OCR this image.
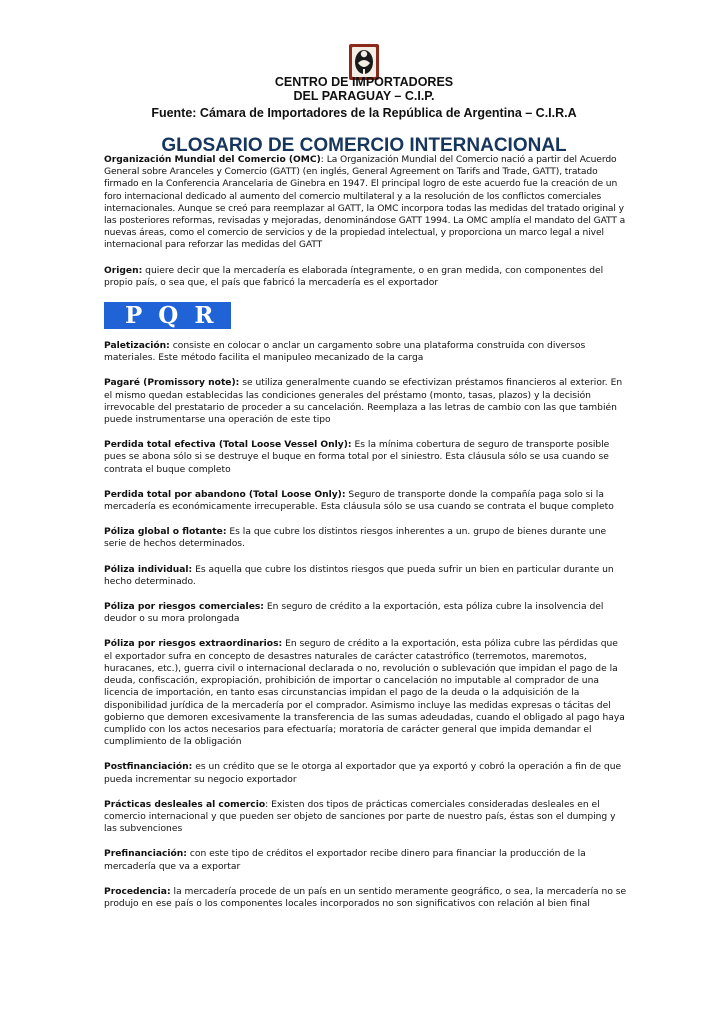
CENTRO DE IMPORTADORES
DEL PARAGUAY – C.I.P.
Fuente: Cámara de Importadores de la República de Argentina – C.I.R.A
GLOSARIO DE COMERCIO INTERNACIONAL

Organización Mundial del Comercio (OMC): La Organización Mundial del Comercio nació a partir del Acuerdo General sobre Aranceles y Comercio (GATT) (en inglés, General Agreement on Tarifs and Trade, GATT), tratado firmado en la Conferencia Arancelaria de Ginebra en 1947. El principal logro de este acuerdo fue la creación de un foro internacional dedicado al aumento del comercio multilateral y a la resolución de los conflictos comerciales internacionales. Aunque se creó para reemplazar al GATT, la OMC incorpora todas las medidas del tratado original y las posteriores reformas, revisadas y mejoradas, denominándose GATT 1994. La OMC amplía el mandato del GATT a nuevas áreas, como el comercio de servicios y de la propiedad intelectual, y proporciona un marco legal a nivel internacional para reforzar las medidas del GATT

Origen: quiere decir que la mercadería es elaborada íntegramente, o en gran medida, con componentes del propio país, o sea que, el país que fabricó la mercadería es el exportador

P Q R

Paletización: consiste en colocar o anclar un cargamento sobre una plataforma construida con diversos materiales. Este método facilita el manipuleo mecanizado de la carga

Pagaré (Promissory note): se utiliza generalmente cuando se efectivizan préstamos financieros al exterior. En el mismo quedan establecidas las condiciones generales del préstamo (monto, tasas, plazos) y la decisión irrevocable del prestatario de proceder a su cancelación. Reemplaza a las letras de cambio con las que también puede instrumentarse una operación de este tipo

Perdida total efectiva (Total Loose Vessel Only): Es la mínima cobertura de seguro de transporte posible pues se abona sólo si se destruye el buque en forma total por el siniestro. Esta cláusula sólo se usa cuando se contrata el buque completo

Perdida total por abandono (Total Loose Only): Seguro de transporte donde la compañía paga solo si la mercadería es económicamente irrecuperable. Esta cláusula sólo se usa cuando se contrata el buque completo

Póliza global o flotante: Es la que cubre los distintos riesgos inherentes a un. grupo de bienes durante une serie de hechos determinados.

Póliza individual: Es aquella que cubre los distintos riesgos que pueda sufrir un bien en particular durante un hecho determinado.

Póliza por riesgos comerciales: En seguro de crédito a la exportación, esta póliza cubre la insolvencia del deudor o su mora prolongada

Póliza por riesgos extraordinarios: En seguro de crédito a la exportación, esta póliza cubre las pérdidas que el exportador sufra en concepto de desastres naturales de carácter catastrófico (terremotos, maremotos, huracanes, etc.), guerra civil o internacional declarada o no, revolución o sublevación que impidan el pago de la deuda, confiscación, expropiación, prohibición de importar o cancelación no imputable al comprador de una licencia de importación, en tanto esas circunstancias impidan el pago de la deuda o la adquisición de la disponibilidad jurídica de la mercadería por el comprador. Asimismo incluye las medidas expresas o tácitas del gobierno que demoren excesivamente la transferencia de las sumas adeudadas, cuando el obligado al pago haya cumplido con los actos necesarios para efectuaría; moratoria de carácter general que impida demandar el cumplimiento de la obligación

Postfinanciación: es un crédito que se le otorga al exportador que ya exportó y cobró la operación a fin de que pueda incrementar su negocio exportador

Prácticas desleales al comercio: Existen dos tipos de prácticas comerciales consideradas desleales en el comercio internacional y que pueden ser objeto de sanciones por parte de nuestro país, éstas son el dumping y las subvenciones

Prefinanciación: con este tipo de créditos el exportador recibe dinero para financiar la producción de la mercadería que va a exportar

Procedencia: la mercadería procede de un país en un sentido meramente geográfico, o sea, la mercadería no se produjo en ese país o los componentes locales incorporados no son significativos con relación al bien final
